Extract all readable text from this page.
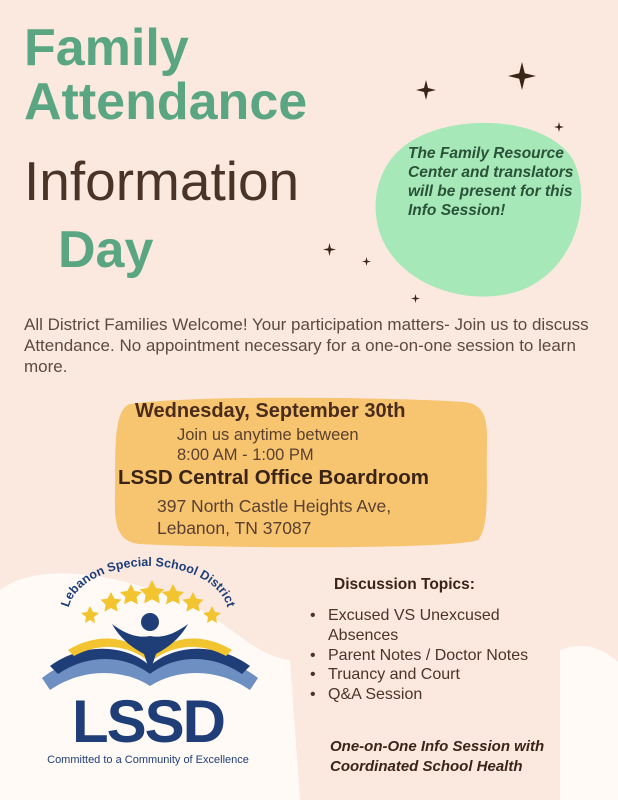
Family
Attendance
Information
Day
The Family Resource Center and translators will be present for this Info Session!

All District Families Welcome! Your participation matters- Join us to discuss Attendance. No appointment necessary for a one-on-one session to learn more.

Wednesday, September 30th
Join us anytime between
8:00 AM - 1:00 PM
LSSD Central Office Boardroom
397 North Castle Heights Ave,
Lebanon, TN 37087
Lebanon Special School District
LSSD
Committed to a Community of Excellence
Discussion Topics:
• Excused VS Unexcused Absences
• Parent Notes / Doctor Notes
• Truancy and Court
• Q&A Session
One-on-One Info Session with Coordinated School Health
